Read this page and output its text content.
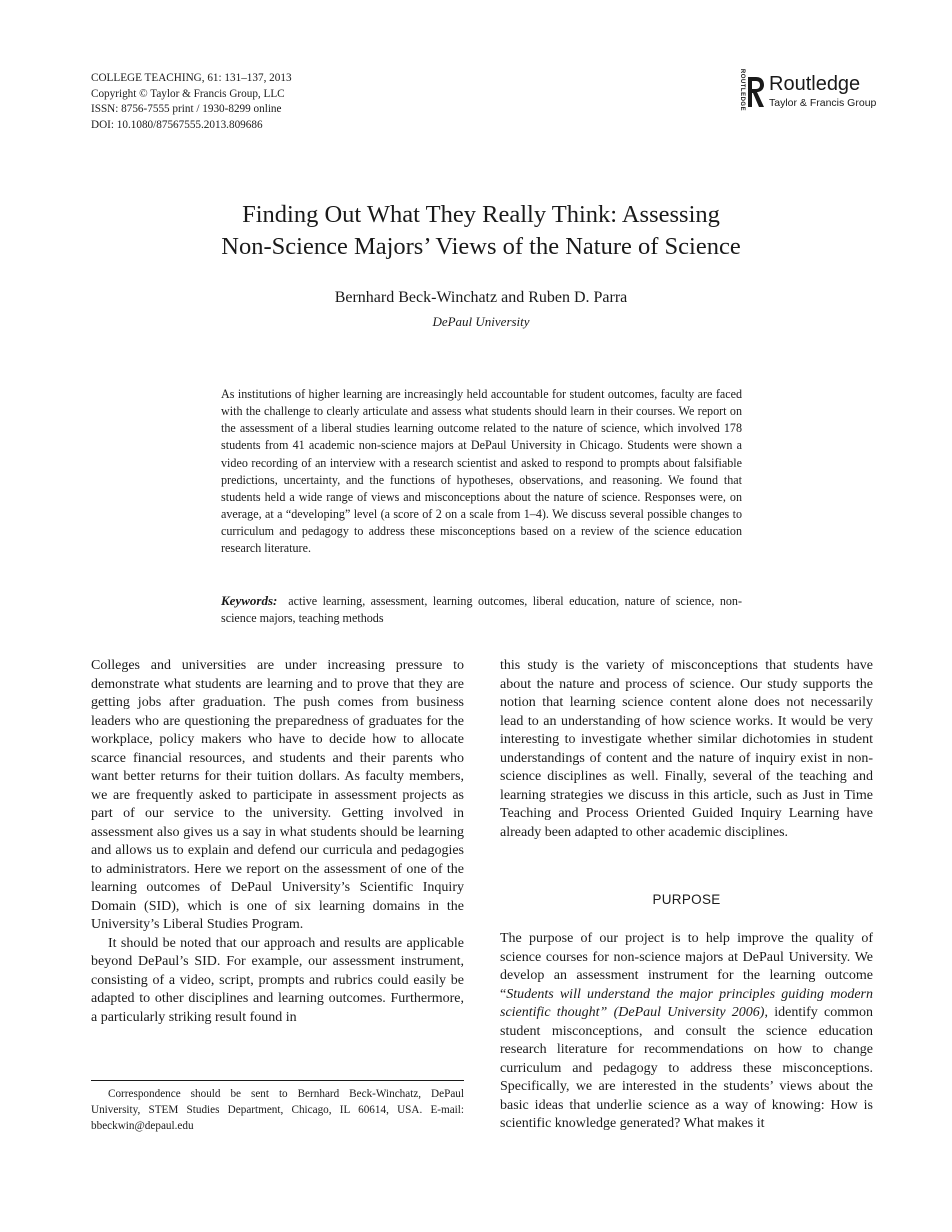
COLLEGE TEACHING, 61: 131–137, 2013
Copyright © Taylor & Francis Group, LLC
ISSN: 8756-7555 print / 1930-8299 online
DOI: 10.1080/87567555.2013.809686
ROUTLEDGE Routledge
Taylor & Francis Group
Finding Out What They Really Think: Assessing
Non-Science Majors’ Views of the Nature of Science
Bernhard Beck-Winchatz and Ruben D. Parra
DePaul University
As institutions of higher learning are increasingly held accountable for student outcomes, faculty are faced with the challenge to clearly articulate and assess what students should learn in their courses. We report on the assessment of a liberal studies learning outcome related to the nature of science, which involved 178 students from 41 academic non-science majors at DePaul University in Chicago. Students were shown a video recording of an interview with a research scientist and asked to respond to prompts about falsifiable predictions, uncertainty, and the functions of hypotheses, observations, and reasoning. We found that students held a wide range of views and misconceptions about the nature of science. Responses were, on average, at a “developing” level (a score of 2 on a scale from 1–4). We discuss several possible changes to curriculum and pedagogy to address these misconceptions based on a review of the science education research literature.
Keywords: active learning, assessment, learning outcomes, liberal education, nature of science, non-science majors, teaching methods

Colleges and universities are under increasing pressure to demonstrate what students are learning and to prove that they are getting jobs after graduation. The push comes from business leaders who are questioning the preparedness of graduates for the workplace, policy makers who have to decide how to allocate scarce financial resources, and students and their parents who want better returns for their tuition dollars. As faculty members, we are frequently asked to participate in assessment projects as part of our service to the university. Getting involved in assessment also gives us a say in what students should be learning and allows us to explain and defend our curricula and pedagogies to administrators. Here we report on the assessment of one of the learning outcomes of DePaul University’s Scientific Inquiry Domain (SID), which is one of six learning domains in the University’s Liberal Studies Program.

It should be noted that our approach and results are applicable beyond DePaul’s SID. For example, our assessment instrument, consisting of a video, script, prompts and rubrics could easily be adapted to other disciplines and learning outcomes. Furthermore, a particularly striking result found in

this study is the variety of misconceptions that students have about the nature and process of science. Our study supports the notion that learning science content alone does not necessarily lead to an understanding of how science works. It would be very interesting to investigate whether similar dichotomies in student understandings of content and the nature of inquiry exist in non-science disciplines as well. Finally, several of the teaching and learning strategies we discuss in this article, such as Just in Time Teaching and Process Oriented Guided Inquiry Learning have already been adapted to other academic disciplines.

PURPOSE

The purpose of our project is to help improve the quality of science courses for non-science majors at DePaul University. We develop an assessment instrument for the learning outcome “Students will understand the major principles guiding modern scientific thought” (DePaul University 2006), identify common student misconceptions, and consult the science education research literature for recommendations on how to change curriculum and pedagogy to address these misconceptions. Specifically, we are interested in the students’ views about the basic ideas that underlie science as a way of knowing: How is scientific knowledge generated? What makes it

Correspondence should be sent to Bernhard Beck-Winchatz, DePaul University, STEM Studies Department, Chicago, IL 60614, USA. E-mail: bbeckwin@depaul.edu
